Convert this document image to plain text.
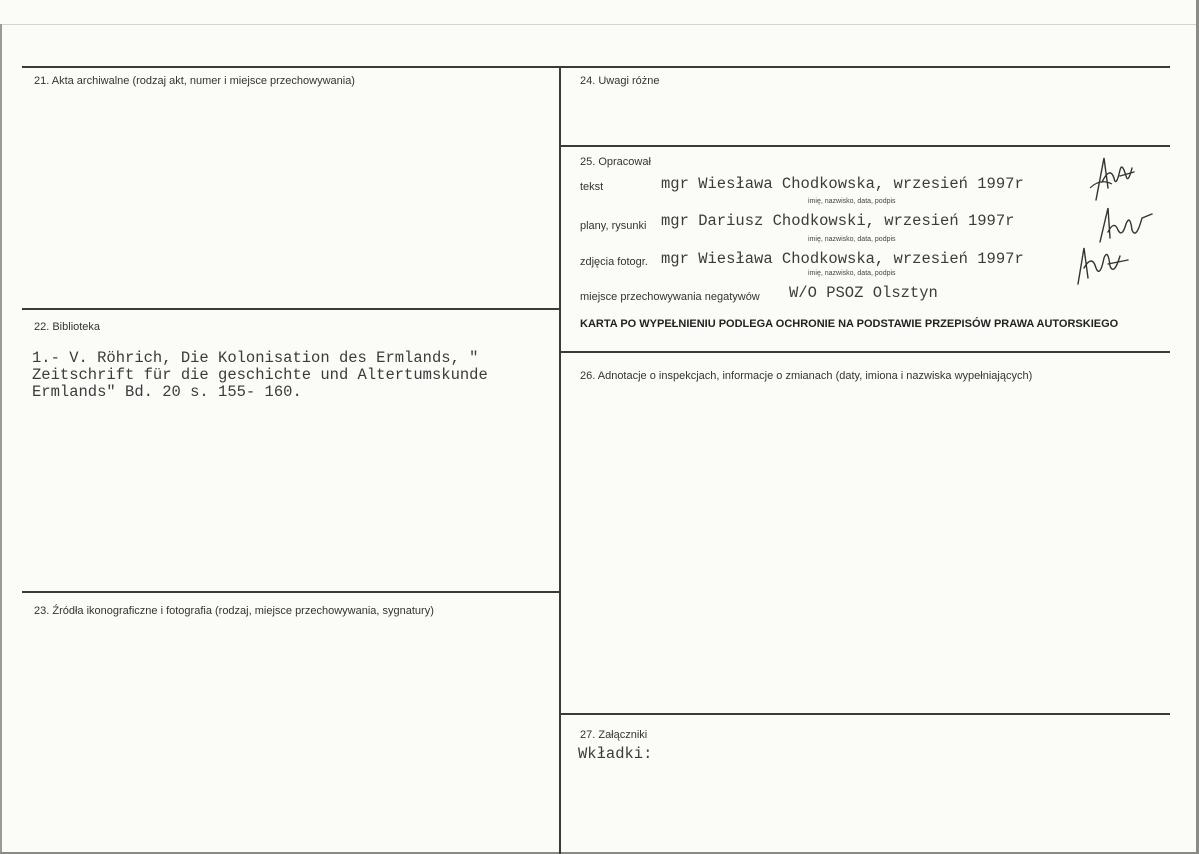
21. Akta archiwalne (rodzaj akt, numer i miejsce przechowywania)
22. Biblioteka
1.- V. Röhrich, Die Kolonisation des Ermlands, "
Zeitschrift für die geschichte und Altertumskunde
Ermlands" Bd. 20 s. 155- 160.
23. Źródła ikonograficzne i fotografia (rodzaj, miejsce przechowywania, sygnatury)
24. Uwagi różne
25. Opracował
tekst	mgr Wiesława Chodkowska, wrzesień 1997r
imię, nazwisko, data, podpis
plany, rysunki mgr Dariusz Chodkowski, wrzesień 1997r
imię, nazwisko, data, podpis
zdjęcia fotogr. mgr Wiesława Chodkowska, wrzesień 1997r
imię, nazwisko, data, podpis
miejsce przechowywania negatywów W/O PSOZ Olsztyn
KARTA PO WYPEŁNIENIU PODLEGA OCHRONIE NA PODSTAWIE PRZEPISÓW PRAWA AUTORSKIEGO
26. Adnotacje o inspekcjach, informacje o zmianach (daty, imiona i nazwiska wypełniających)
27. Załączniki
Wkładki:
